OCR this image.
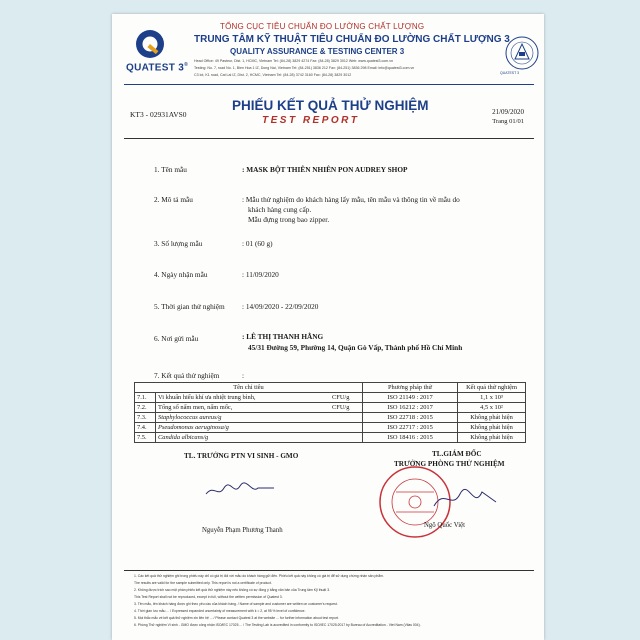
QUATEST 3®
TỔNG CỤC TIÊU CHUẨN ĐO LƯỜNG CHẤT LƯỢNG
TRUNG TÂM KỸ THUẬT TIÊU CHUẨN ĐO LƯỜNG CHẤT LƯỢNG 3
QUALITY ASSURANCE & TESTING CENTER 3
Head Office: 49 Pasteur, Dist. 1, HCMC, Vietnam Tel: (84-28) 3829 4274 Fax: (84-28) 3829 3012 Web: www.quatest3.com.vn
Testing: No. 7, road No. 1, Bien Hoa 1 IZ, Dong Nai, Vietnam Tel: (84-251) 3836 212 Fax: (84-251) 3836 298 Email: info@quatest3.com.vn
C3 lot, K1 road, Cat Lai IZ, Dist. 2, HCMC, Vietnam Tel: (84-28) 3742 3160 Fax: (84-28) 3829 3012	QUATEST 3
KT3 - 02931AVS0
PHIẾU KẾT QUẢ THỬ NGHIỆM
TEST REPORT
21/09/2020
Trang 01/01
1. Tên mẫu	: MASK BỘT THIÊN NHIÊN PON AUDREY SHOP
2. Mô tả mẫu	: Mẫu thử nghiệm do khách hàng lấy mẫu, tên mẫu và thông tin về mẫu do
khách hàng cung cấp.
Mẫu đựng trong bao zipper.
3. Số lượng mẫu	: 01 (60 g)
4. Ngày nhận mẫu	: 11/09/2020
5. Thời gian thử nghiệm : 14/09/2020 - 22/09/2020
6. Nơi gửi mẫu	: LÊ THỊ THANH HẰNG
45/31 Đường 59, Phường 14, Quận Gò Vấp, Thành phố Hồ Chí Minh
7. Kết quả thử nghiệm	:
Tên chỉ tiêu			Phương pháp thử	Kết quả thử nghiệm
7.1.	Vi khuẩn hiếu khí ưa nhiệt trung bình,	CFU/g	ISO 21149 : 2017	1,1 x 10³
7.2.	Tổng số nấm men, nấm mốc,	CFU/g	ISO 16212 : 2017	4,5 x 10²
7.3.	Staphylococcus aureus/g		ISO 22718 : 2015	Không phát hiện
7.4.	Pseudomonas aeruginosa/g		ISO 22717 : 2015	Không phát hiện
7.5.	Candida albicans/g		ISO 18416 : 2015	Không phát hiện
TL. TRƯỞNG PTN VI SINH - GMO
Nguyễn Phạm Phương Thanh
TL.GIÁM ĐỐC
TRƯỞNG PHÒNG THỬ NGHIỆM
Ngô Quốc Việt
1. Các kết quả thử nghiệm ghi trong phiếu này chỉ có giá trị đối với mẫu do khách hàng gửi đến. Phiếu kết quả này không có giá trị để sử dụng chứng nhận sản phẩm.
The results are valid for the sample submitted only. This report is not a certificate of product.
2. Không được trích sao một phần phiếu kết quả thử nghiệm này nếu không có sự đồng ý bằng văn bản của Trung tâm Kỹ thuật 3.
This Test Report shall not be reproduced, except in full, without the written permission of Quatest 3.
3. Tên mẫu, tên khách hàng được ghi theo yêu cầu của khách hàng. / Name of sample and customer are written on customer's request.
4. Thời gian lưu mẫu ... / Expressed expanded uncertainty of measurement with k = 2, at 95 % level of confidence.
5. Mọi thắc mắc về kết quả thử nghiệm xin liên hệ ... / Please contact Quatest 3 at the website ... for further information about test report.
6. Phòng Thử nghiệm Vi sinh - GMO được công nhận ISO/IEC 17025 ... / The Testing Lab is accredited in conformity to ISO/IEC 17025:2017 by Bureau of Accreditation - Viet Nam (Vilas 004).
